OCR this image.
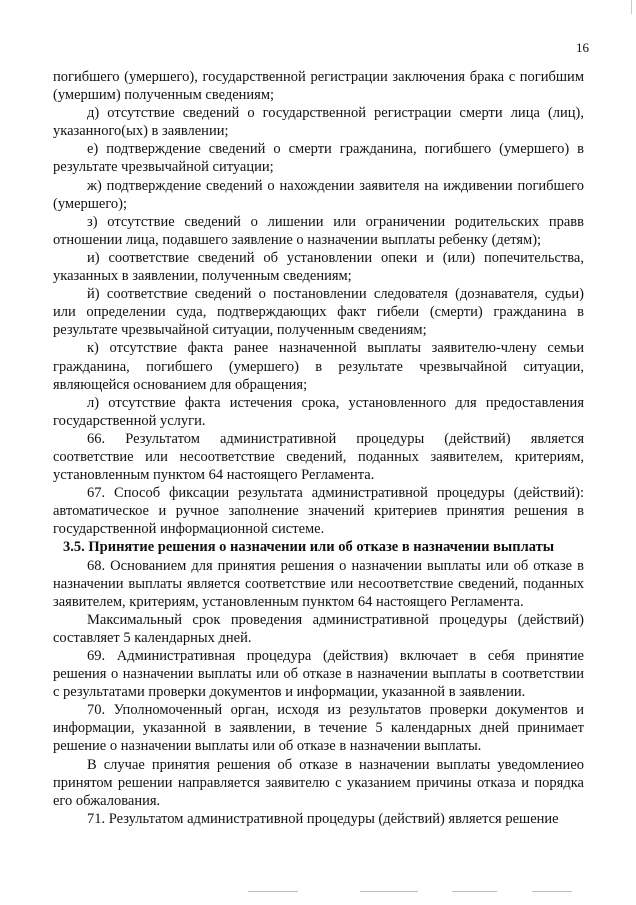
16

погибшего (умершего), государственной регистрации заключения брака с погибшим (умершим) полученным сведениям;

д) отсутствие сведений о государственной регистрации смерти лица (лиц), указанного(ых) в заявлении;

е) подтверждение сведений о смерти гражданина, погибшего (умершего) в результате чрезвычайной ситуации;

ж) подтверждение сведений о нахождении заявителя на иждивении погибшего (умершего);

з) отсутствие сведений о лишении или ограничении родительских правв отношении лица, подавшего заявление о назначении выплаты ребенку (детям);

и) соответствие сведений об установлении опеки и (или) попечительства, указанных в заявлении, полученным сведениям;

й) соответствие сведений о постановлении следователя (дознавателя, судьи) или определении суда, подтверждающих факт гибели (смерти) гражданина в результате чрезвычайной ситуации, полученным сведениям;

к) отсутствие факта ранее назначенной выплаты заявителю-члену семьи гражданина, погибшего (умершего) в результате чрезвычайной ситуации, являющейся основанием для обращения;

л) отсутствие факта истечения срока, установленного для предоставления государственной услуги.

66. Результатом административной процедуры (действий) является соответствие или несоответствие сведений, поданных заявителем, критериям, установленным пунктом 64 настоящего Регламента.

67. Способ фиксации результата административной процедуры (действий): автоматическое и ручное заполнение значений критериев принятия решения в государственной информационной системе.

3.5. Принятие решения о назначении или об отказе в назначении выплаты

68. Основанием для принятия решения о назначении выплаты или об отказе в назначении выплаты является соответствие или несоответствие сведений, поданных заявителем, критериям, установленным пунктом 64 настоящего Регламента.

Максимальный срок проведения административной процедуры (действий) составляет 5 календарных дней.

69. Административная процедура (действия) включает в себя принятие решения о назначении выплаты или об отказе в назначении выплаты в соответствии с результатами проверки документов и информации, указанной в заявлении.

70. Уполномоченный орган, исходя из результатов проверки документов и информации, указанной в заявлении, в течение 5 календарных дней принимает решение о назначении выплаты или об отказе в назначении выплаты.

В случае принятия решения об отказе в назначении выплаты уведомлениео принятом решении направляется заявителю с указанием причины отказа и порядка его обжалования.

71. Результатом административной процедуры (действий) является решение
